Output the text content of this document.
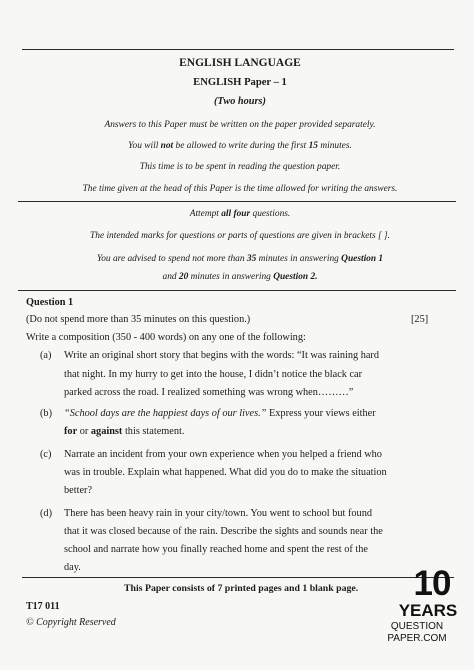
ENGLISH LANGUAGE
ENGLISH Paper – 1
(Two hours)
Answers to this Paper must be written on the paper provided separately.
You will not be allowed to write during the first 15 minutes.
This time is to be spent in reading the question paper.
The time given at the head of this Paper is the time allowed for writing the answers.
Attempt all four questions.
The intended marks for questions or parts of questions are given in brackets [ ].
You are advised to spend not more than 35 minutes in answering Question 1
and 20 minutes in answering Question 2.
Question 1
(Do not spend more than 35 minutes on this question.)	[25]
Write a composition (350 - 400 words) on any one of the following:
(a) Write an original short story that begins with the words: “It was raining hard
that night. In my hurry to get into the house, I didn’t notice the black car
parked across the road. I realized something was wrong when………”
(b) “School days are the happiest days of our lives.” Express your views either
for or against this statement.
(c) Narrate an incident from your own experience when you helped a friend who
was in trouble. Explain what happened. What did you do to make the situation
better?
(d) There has been heavy rain in your city/town. You went to school but found
that it was closed because of the rain. Describe the sights and sounds near the
school and narrate how you finally reached home and spent the rest of the
day.
This Paper consists of 7 printed pages and 1 blank page.
T17 011
© Copyright Reserved
10
YEARS
QUESTION PAPER.COM
